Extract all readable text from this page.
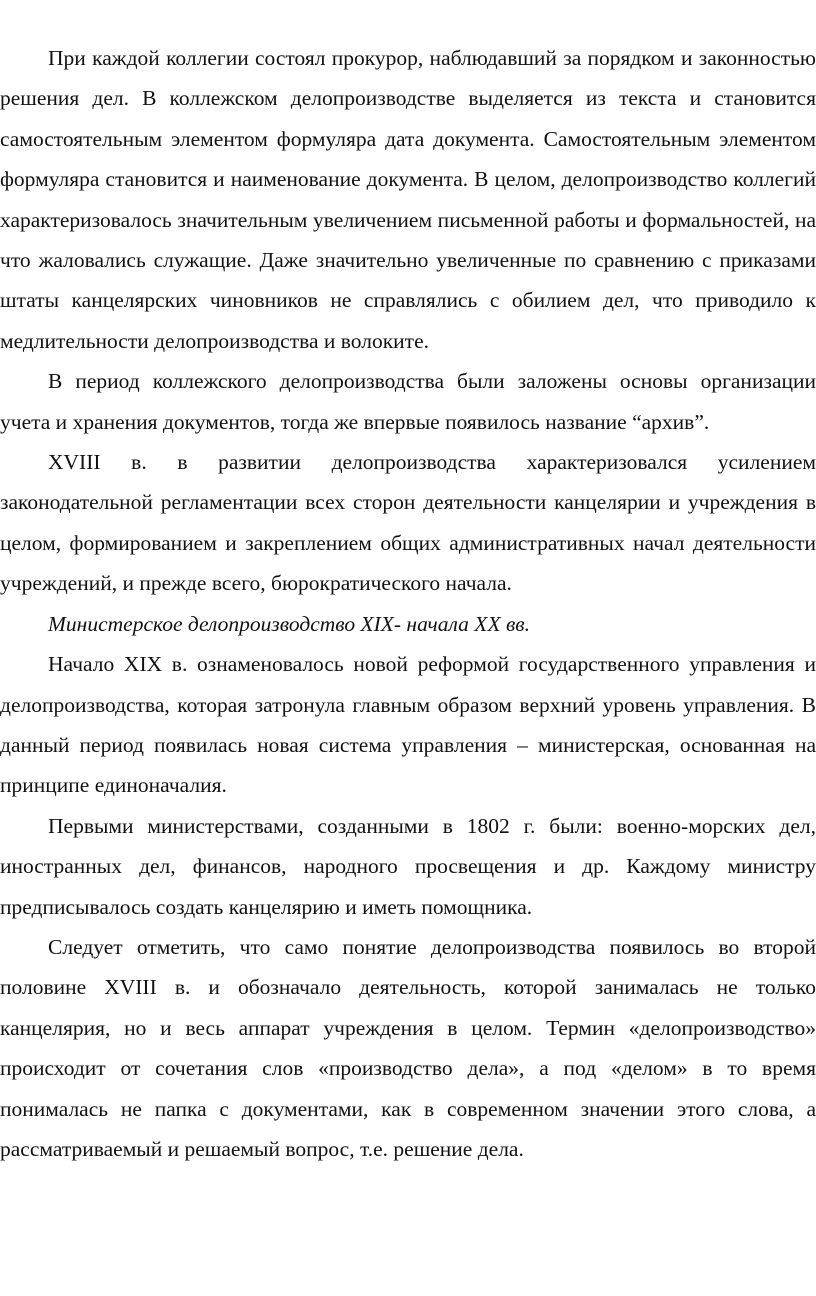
При каждой коллегии состоял прокурор, наблюдавший за порядком и законностью решения дел. В коллежском делопроизводстве выделяется из текста и становится самостоятельным элементом формуляра дата документа. Самостоятельным элементом формуляра становится и наименование документа. В целом, делопроизводство коллегий характеризовалось значительным увеличением письменной работы и формальностей, на что жаловались служащие. Даже значительно увеличенные по сравнению с приказами штаты канцелярских чиновников не справлялись с обилием дел, что приводило к медлительности делопроизводства и волоките.

В период коллежского делопроизводства были заложены основы организации учета и хранения документов, тогда же впервые появилось название “архив”.

XVIII в. в развитии делопроизводства характеризовался усилением законодательной регламентации всех сторон деятельности канцелярии и учреждения в целом, формированием и закреплением общих административных начал деятельности учреждений, и прежде всего, бюрократического начала.

Министерское делопроизводство XIX- начала XX вв.

Начало XIX в. ознаменовалось новой реформой государственного управления и делопроизводства, которая затронула главным образом верхний уровень управления. В данный период появилась новая система управления – министерская, основанная на принципе единоначалия.

Первыми министерствами, созданными в 1802 г. были: военно-морских дел, иностранных дел, финансов, народного просвещения и др. Каждому министру предписывалось создать канцелярию и иметь помощника.

Следует отметить, что само понятие делопроизводства появилось во второй половине XVIII в. и обозначало деятельность, которой занималась не только канцелярия, но и весь аппарат учреждения в целом. Термин «делопроизводство» происходит от сочетания слов «производство дела», а под «делом» в то время понималась не папка с документами, как в современном значении этого слова, а рассматриваемый и решаемый вопрос, т.е. решение дела.
